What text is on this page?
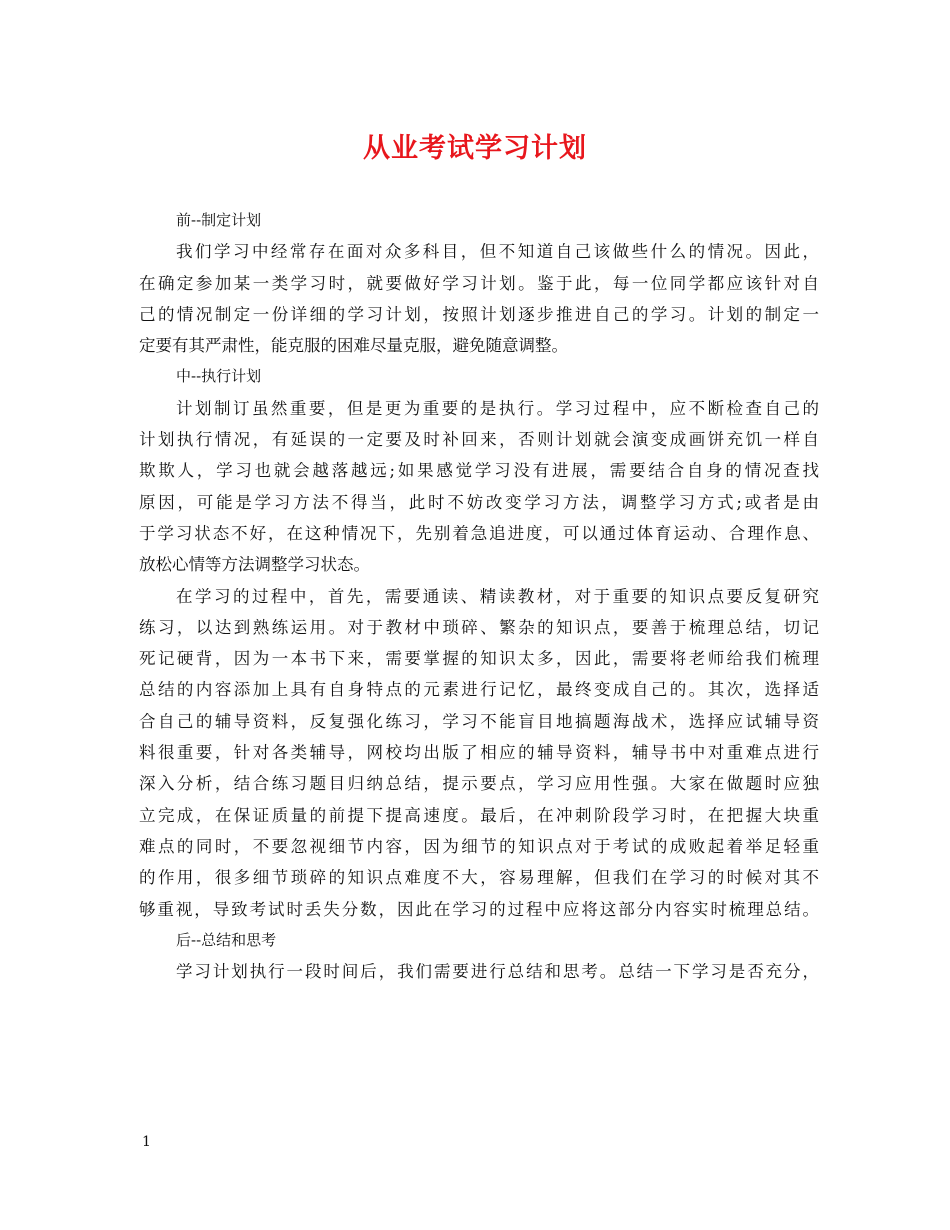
从业考试学习计划
前--制定计划
我们学习中经常存在面对众多科目，但不知道自己该做些什么的情况。因此，
在确定参加某一类学习时，就要做好学习计划。鉴于此，每一位同学都应该针对自
己的情况制定一份详细的学习计划，按照计划逐步推进自己的学习。计划的制定一
定要有其严肃性，能克服的困难尽量克服，避免随意调整。
中--执行计划
计划制订虽然重要，但是更为重要的是执行。学习过程中，应不断检查自己的
计划执行情况，有延误的一定要及时补回来，否则计划就会演变成画饼充饥一样自
欺欺人，学习也就会越落越远;如果感觉学习没有进展，需要结合自身的情况查找
原因，可能是学习方法不得当，此时不妨改变学习方法，调整学习方式;或者是由
于学习状态不好，在这种情况下，先别着急追进度，可以通过体育运动、合理作息、
放松心情等方法调整学习状态。
在学习的过程中，首先，需要通读、精读教材，对于重要的知识点要反复研究
练习，以达到熟练运用。对于教材中琐碎、繁杂的知识点，要善于梳理总结，切记
死记硬背，因为一本书下来，需要掌握的知识太多，因此，需要将老师给我们梳理
总结的内容添加上具有自身特点的元素进行记忆，最终变成自己的。其次，选择适
合自己的辅导资料，反复强化练习，学习不能盲目地搞题海战术，选择应试辅导资
料很重要，针对各类辅导，网校均出版了相应的辅导资料，辅导书中对重难点进行
深入分析，结合练习题目归纳总结，提示要点，学习应用性强。大家在做题时应独
立完成，在保证质量的前提下提高速度。最后，在冲刺阶段学习时，在把握大块重
难点的同时，不要忽视细节内容，因为细节的知识点对于考试的成败起着举足轻重
的作用，很多细节琐碎的知识点难度不大，容易理解，但我们在学习的时候对其不
够重视，导致考试时丢失分数，因此在学习的过程中应将这部分内容实时梳理总结。
后--总结和思考
学习计划执行一段时间后，我们需要进行总结和思考。总结一下学习是否充分，
1
